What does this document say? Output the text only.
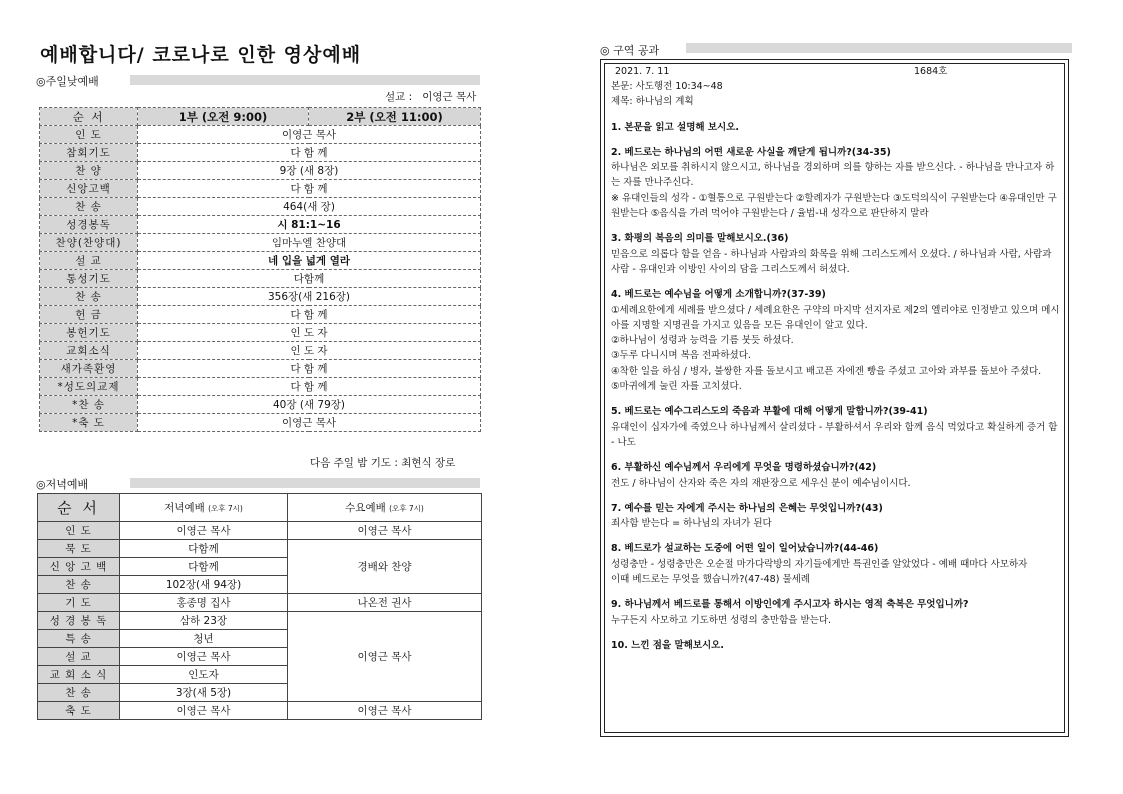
예배합니다/ 코로나로 인한 영상예배
◎주일낮예배
설교 : 이영근 목사
순 서	1부 (오전 9:00)	2부 (오전 11:00)
인 도	이영근 목사	
참회기도	다 함 께	
찬 양	9장 (새 8장)	
신앙고백	다 함 께	
찬 송	464(새 장)	
성경봉독	시 81:1~16	
찬양(찬양대)	임마누엘 찬양대	
설 교	네 입을 넓게 열라	
통성기도	다함께	
찬 송	356장(새 216장)	
헌 금	다 함 께	
봉헌기도	인 도 자	
교회소식	인 도 자	
새가족환영	다 함 께	
*성도의교제	다 함 께	
*찬 송	40장 (새 79장)	
*축 도	이영근 목사	
다음 주일 밤 기도 : 최현식 장로
◎저녁예배
순 서	저녁예배 (오후 7시)	수요예배 (오후 7시)
인 도	이영근 목사	이영근 목사
묵 도	다함께	경배와 찬양
신 앙 고 백	다함께	
찬 송	102장(새 94장)	
기 도	홍종명 집사	나온전 권사
성 경 봉 독	삼하 23장	이영근 목사
특 송	청년	
설 교	이영근 목사	
교 회 소 식	인도자	
찬 송	3장(새 5장)	
축 도	이영근 목사	이영근 목사
◎ 구역 공과
2021. 7. 11	1684호

본문: 사도행전 10:34~48

제목: 하나님의 계획

1. 본문을 읽고 설명해 보시오.

2. 베드로는 하나님의 어떤 새로운 사실을 깨닫게 됩니까?(34-35)

하나님은 외모를 취하시지 않으시고, 하나님을 경외하며 의를 향하는 자를 받으신다. - 하나님을 만나고자 하는 자를 만나주신다.

※ 유대인들의 성각 - ①혈통으로 구원받는다 ②할례자가 구원받는다 ③도덕의식이 구원받는다 ④유대인만 구원받는다 ⑤음식을 가려 먹어야 구원받는다 / 율법-내 성각으로 판단하지 말라

3. 화평의 복음의 의미를 말해보시오.(36)

믿음으로 의롭다 함을 얻음 - 하나님과 사람과의 화목을 위해 그리스도께서 오셨다. / 하나님과 사람, 사람과 사람 - 유대인과 이방인 사이의 담을 그리스도께서 허셨다.

4. 베드로는 예수님을 어떻게 소개합니까?(37-39)

①세례요한에게 세례를 받으셨다 / 세례요한은 구약의 마지막 선지자로 제2의 엘리야로 인정받고 있으며 메시아를 지명할 지명권을 가지고 있음을 모든 유대인이 알고 있다.

②하나님이 성령과 능력을 기름 붓듯 하셨다.

③두루 다니시며 복음 전파하셨다.

④착한 일을 하심 / 병자, 불쌍한 자를 돌보시고 배고픈 자에겐 빵을 주셨고 고아와 과부를 돌보아 주셨다.

⑤마귀에게 눌린 자를 고치셨다.

5. 베드로는 예수그리스도의 죽음과 부활에 대해 어떻게 말합니까?(39-41)

유대인이 십자가에 죽였으나 하나님께서 살리셨다 - 부활하셔서 우리와 함께 음식 먹었다고 확실하게 증거 함 - 나도

6. 부활하신 예수님께서 우리에게 무엇을 명령하셨습니까?(42)

전도 / 하나님이 산자와 죽은 자의 재판장으로 세우신 분이 예수님이시다.

7. 예수를 믿는 자에게 주시는 하나님의 은혜는 무엇입니까?(43)

죄사함 받는다 = 하나님의 자녀가 된다

8. 베드로가 설교하는 도중에 어떤 일이 일어났습니까?(44-46)

성령충만 - 성령충만은 오순절 마가다락방의 자기들에게만 특권인줄 알았었다 - 예배 때마다 사모하자

이때 베드로는 무엇을 했습니까?(47-48) 물세례

9. 하나님께서 베드로를 통해서 이방인에게 주시고자 하시는 영적 축복은 무엇입니까?

누구든지 사모하고 기도하면 성령의 충만함을 받는다.

10. 느낀 점을 말해보시오.
